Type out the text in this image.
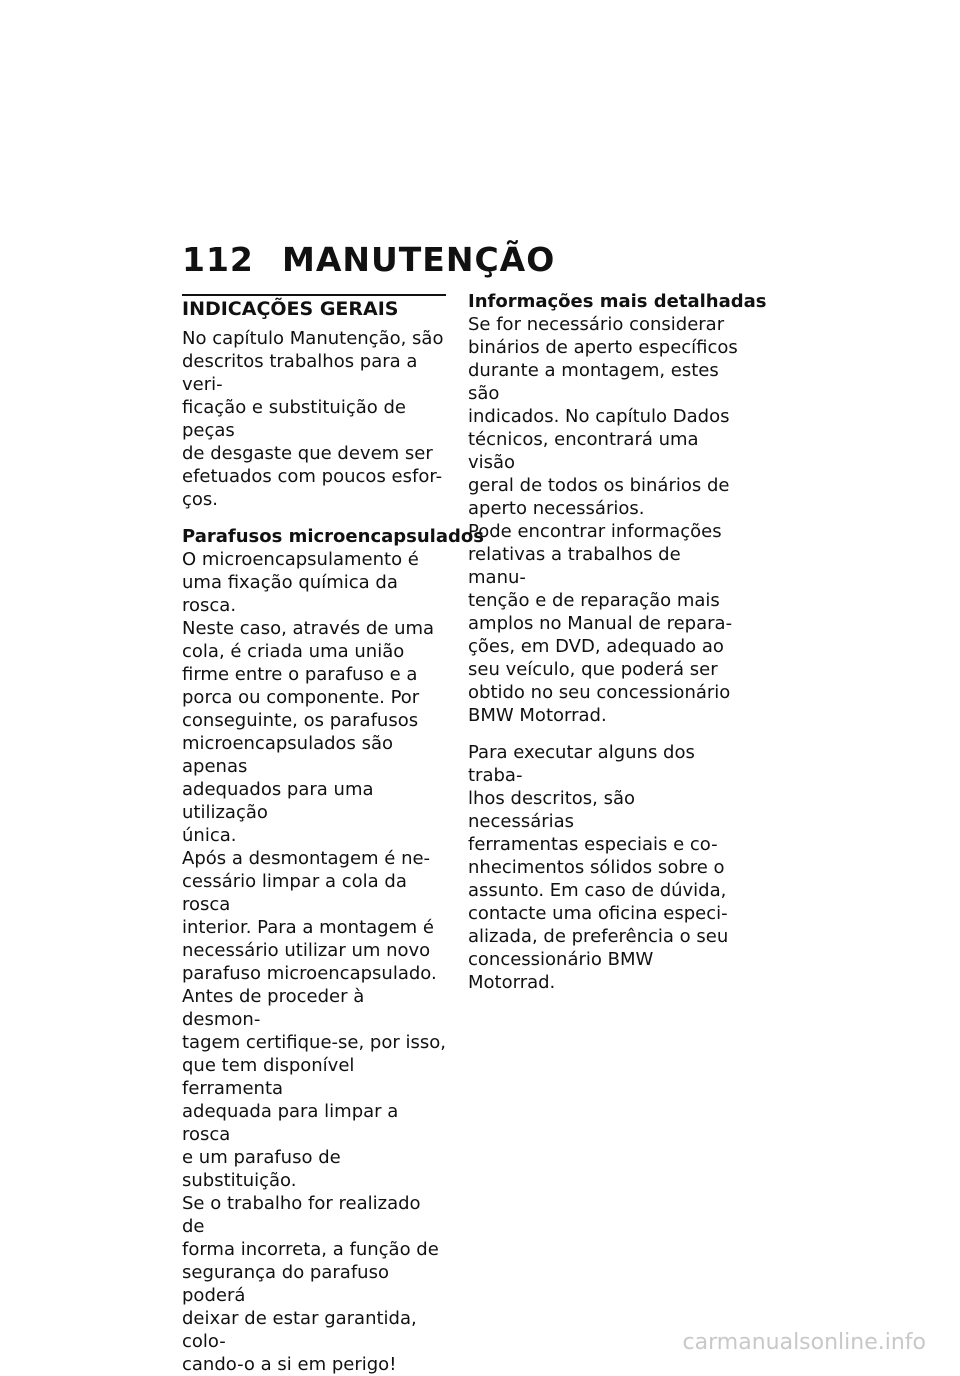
112 MANUTENÇÃO
INDICAÇÕES GERAIS

No capítulo Manutenção, são
descritos trabalhos para a veri-
ficação e substituição de peças
de desgaste que devem ser
efetuados com poucos esfor-
ços.

Parafusos microencapsulados

O microencapsulamento é
uma fixação química da rosca.
Neste caso, através de uma
cola, é criada uma união
firme entre o parafuso e a
porca ou componente. Por
conseguinte, os parafusos
microencapsulados são apenas
adequados para uma utilização
única.

Após a desmontagem é ne-
cessário limpar a cola da rosca
interior. Para a montagem é
necessário utilizar um novo
parafuso microencapsulado.

Antes de proceder à desmon-
tagem certifique-se, por isso,
que tem disponível ferramenta
adequada para limpar a rosca
e um parafuso de substituição.

Se o trabalho for realizado de
forma incorreta, a função de
segurança do parafuso poderá
deixar de estar garantida, colo-
cando-o a si em perigo!

Informações mais detalhadas

Se for necessário considerar
binários de aperto específicos
durante a montagem, estes são
indicados. No capítulo Dados
técnicos, encontrará uma visão
geral de todos os binários de
aperto necessários.

Pode encontrar informações
relativas a trabalhos de manu-
tenção e de reparação mais
amplos no Manual de repara-
ções, em DVD, adequado ao
seu veículo, que poderá ser
obtido no seu concessionário
BMW Motorrad.

Para executar alguns dos traba-
lhos descritos, são necessárias
ferramentas especiais e co-
nhecimentos sólidos sobre o
assunto. Em caso de dúvida,
contacte uma oficina especi-
alizada, de preferência o seu
concessionário BMW Motorrad.

carmanualsonline.info
